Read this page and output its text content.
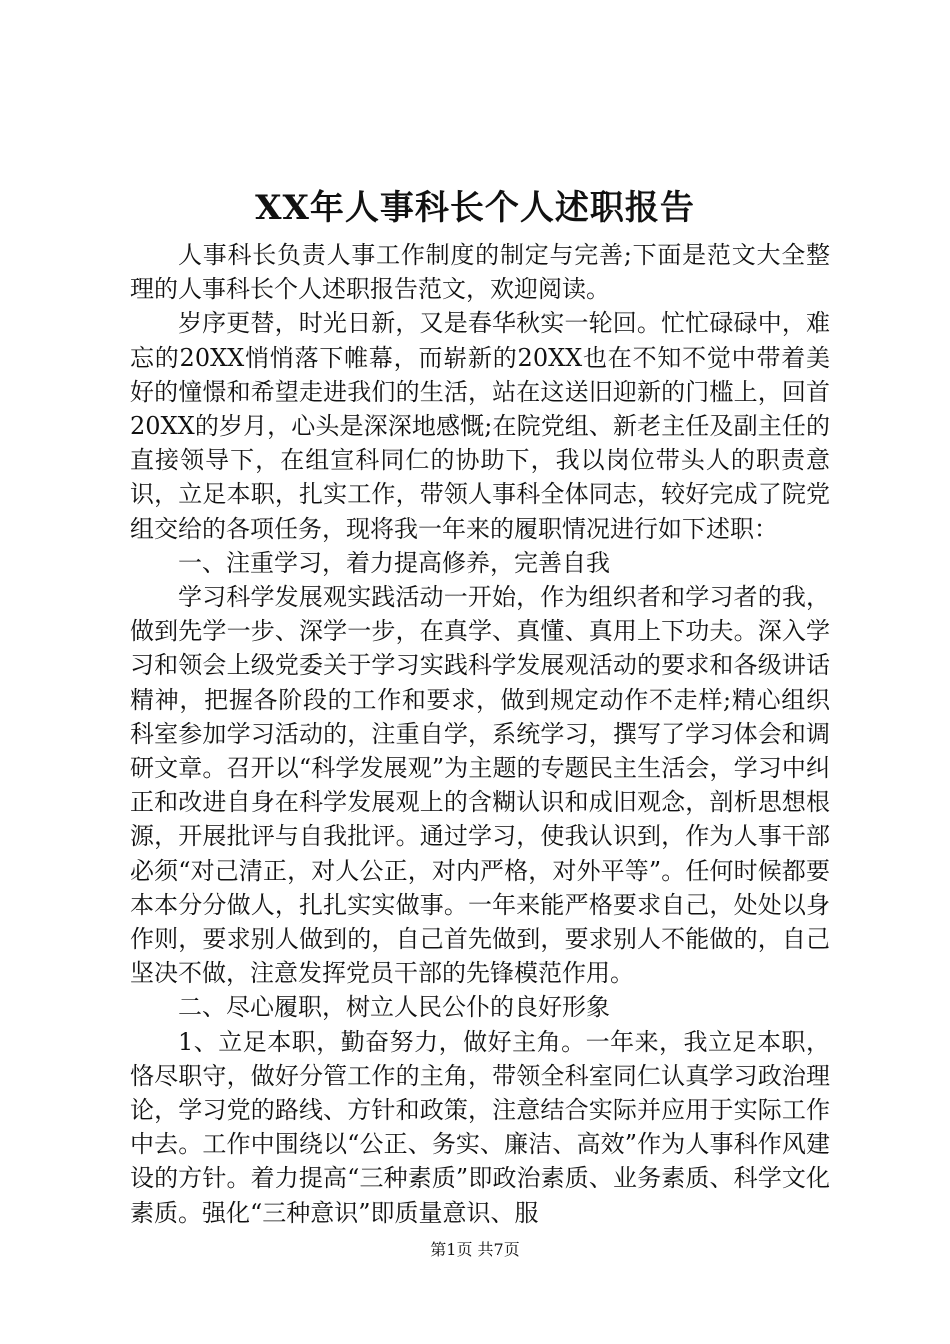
XX年人事科长个人述职报告

人事科长负责人事工作制度的制定与完善;下面是范文大全整理的人事科长个人述职报告范文，欢迎阅读。

岁序更替，时光日新，又是春华秋实一轮回。忙忙碌碌中，难忘的20XX悄悄落下帷幕，而崭新的20XX也在不知不觉中带着美好的憧憬和希望走进我们的生活，站在这送旧迎新的门槛上，回首20XX的岁月，心头是深深地感慨;在院党组、新老主任及副主任的直接领导下，在组宣科同仁的协助下，我以岗位带头人的职责意识，立足本职，扎实工作，带领人事科全体同志，较好完成了院党组交给的各项任务，现将我一年来的履职情况进行如下述职：

一、注重学习，着力提高修养，完善自我

学习科学发展观实践活动一开始，作为组织者和学习者的我，做到先学一步、深学一步，在真学、真懂、真用上下功夫。深入学习和领会上级党委关于学习实践科学发展观活动的要求和各级讲话精神，把握各阶段的工作和要求，做到规定动作不走样;精心组织科室参加学习活动的，注重自学，系统学习，撰写了学习体会和调研文章。召开以“科学发展观”为主题的专题民主生活会，学习中纠正和改进自身在科学发展观上的含糊认识和成旧观念，剖析思想根源，开展批评与自我批评。通过学习，使我认识到，作为人事干部必须“对己清正，对人公正，对内严格，对外平等”。任何时候都要本本分分做人，扎扎实实做事。一年来能严格要求自己，处处以身作则，要求别人做到的，自己首先做到，要求别人不能做的，自己坚决不做，注意发挥党员干部的先锋模范作用。

二、尽心履职，树立人民公仆的良好形象

1、立足本职，勤奋努力，做好主角。一年来，我立足本职，恪尽职守，做好分管工作的主角，带领全科室同仁认真学习政治理论，学习党的路线、方针和政策，注意结合实际并应用于实际工作中去。工作中围绕以“公正、务实、廉洁、高效”作为人事科作风建设的方针。着力提高“三种素质”即政治素质、业务素质、科学文化素质。强化“三种意识”即质量意识、服

第1页 共7页
